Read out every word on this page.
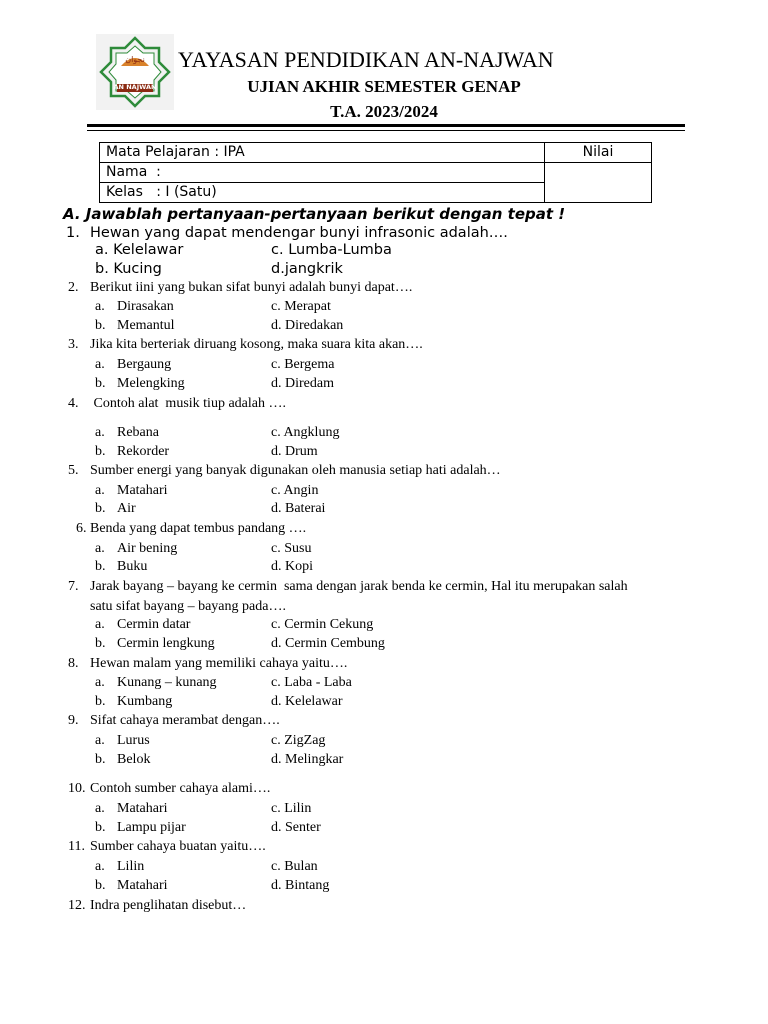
نجوان
AN NAJWAN
YAYASAN PENDIDIKAN AN-NAJWAN
UJIAN AKHIR SEMESTER GENAP
T.A. 2023/2024
Mata Pelajaran : IPA	Nilai
Nama  :	
Kelas   : I (Satu)	
A. Jawablah pertanyaan-pertanyaan berikut dengan tepat !
1. Hewan yang dapat mendengar bunyi infrasonic adalah….
a. Kelelawar	c. Lumba-Lumba
b. Kucing	d.jangkrik
2. Berikut iini yang bukan sifat bunyi adalah bunyi dapat….
a. Dirasakan	c. Merapat
b. Memantul	d. Diredakan
3. Jika kita berteriak diruang kosong, maka suara kita akan….
a. Bergaung	c. Bergema
b. Melengking	d. Diredam
4. Contoh alat  musik tiup adalah ….
a. Rebana	c. Angklung
b. Rekorder	d. Drum
5. Sumber energi yang banyak digunakan oleh manusia setiap hati adalah…
a. Matahari	c. Angin
b. Air	d. Baterai
6. Benda yang dapat tembus pandang ….
a. Air bening	c. Susu
b. Buku	d. Kopi
7. Jarak bayang – bayang ke cermin  sama dengan jarak benda ke cermin, Hal itu merupakan salah
satu sifat bayang – bayang pada….
a. Cermin datar	c. Cermin Cekung
b. Cermin lengkung	d. Cermin Cembung
8. Hewan malam yang memiliki cahaya yaitu….
a. Kunang – kunang	c. Laba - Laba
b. Kumbang	d. Kelelawar
9. Sifat cahaya merambat dengan….
a. Lurus	c. ZigZag
b. Belok	d. Melingkar
10. Contoh sumber cahaya alami….
a. Matahari	c. Lilin
b. Lampu pijar	d. Senter
11. Sumber cahaya buatan yaitu….
a. Lilin	c. Bulan
b. Matahari	d. Bintang
12. Indra penglihatan disebut…
